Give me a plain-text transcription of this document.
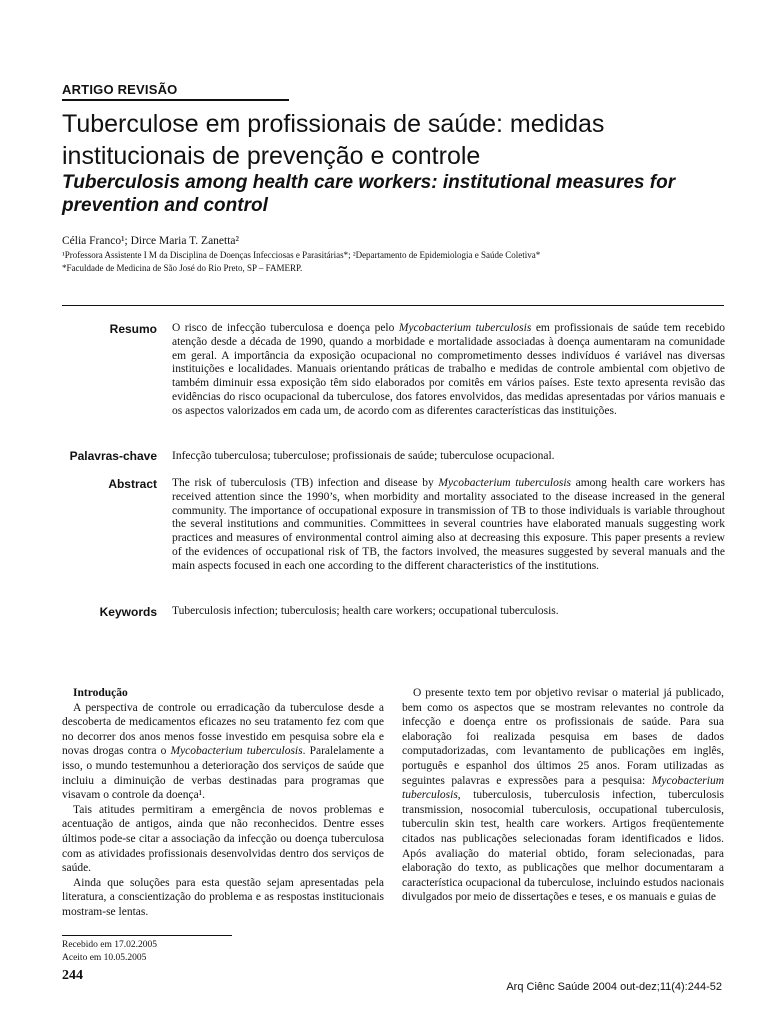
ARTIGO REVISÃO
Tuberculose em profissionais de saúde: medidas institucionais de prevenção e controle
Tuberculosis among health care workers: institutional measures for prevention and control
Célia Franco¹; Dirce Maria T. Zanetta²
¹Professora Assistente I M da Disciplina de Doenças Infecciosas e Parasitárias*; ²Departamento de Epidemiologia e Saúde Coletiva*
*Faculdade de Medicina de São José do Rio Preto, SP – FAMERP.
Resumo O risco de infecção tuberculosa e doença pelo Mycobacterium tuberculosis em profissionais de saúde tem recebido atenção desde a década de 1990, quando a morbidade e mortalidade associadas à doença aumentaram na comunidade em geral. A importância da exposição ocupacional no comprometimento desses indivíduos é variável nas diversas instituições e localidades. Manuais orientando práticas de trabalho e medidas de controle ambiental com objetivo de também diminuir essa exposição têm sido elaborados por comitês em vários países. Este texto apresenta revisão das evidências do risco ocupacional da tuberculose, dos fatores envolvidos, das medidas apresentadas por vários manuais e os aspectos valorizados em cada um, de acordo com as diferentes características das instituições.
Palavras-chave Infecção tuberculosa; tuberculose; profissionais de saúde; tuberculose ocupacional.
Abstract The risk of tuberculosis (TB) infection and disease by Mycobacterium tuberculosis among health care workers has received attention since the 1990’s, when morbidity and mortality associated to the disease increased in the general community. The importance of occupational exposure in transmission of TB to those individuals is variable throughout the several institutions and communities. Committees in several countries have elaborated manuals suggesting work practices and measures of environmental control aiming also at decreasing this exposure. This paper presents a review of the evidences of occupational risk of TB, the factors involved, the measures suggested by several manuals and the main aspects focused in each one according to the different characteristics of the institutions.
Keywords Tuberculosis infection; tuberculosis; health care workers; occupational tuberculosis.

Introdução

A perspectiva de controle ou erradicação da tuberculose desde a descoberta de medicamentos eficazes no seu tratamento fez com que no decorrer dos anos menos fosse investido em pesquisa sobre ela e novas drogas contra o Mycobacterium tuberculosis. Paralelamente a isso, o mundo testemunhou a deterioração dos serviços de saúde que incluiu a diminuição de verbas destinadas para programas que visavam o controle da doença¹.

Tais atitudes permitiram a emergência de novos problemas e acentuação de antigos, ainda que não reconhecidos. Dentre esses últimos pode-se citar a associação da infecção ou doença tuberculosa com as atividades profissionais desenvolvidas dentro dos serviços de saúde.

Ainda que soluções para esta questão sejam apresentadas pela literatura, a conscientização do problema e as respostas institucionais mostram-se lentas.

O presente texto tem por objetivo revisar o material já publicado, bem como os aspectos que se mostram relevantes no controle da infecção e doença entre os profissionais de saúde. Para sua elaboração foi realizada pesquisa em bases de dados computadorizadas, com levantamento de publicações em inglês, português e espanhol dos últimos 25 anos. Foram utilizadas as seguintes palavras e expressões para a pesquisa: Mycobacterium tuberculosis, tuberculosis, tuberculosis infection, tuberculosis transmission, nosocomial tuberculosis, occupational tuberculosis, tuberculin skin test, health care workers. Artigos freqüentemente citados nas publicações selecionadas foram identificados e lidos. Após avaliação do material obtido, foram selecionadas, para elaboração do texto, as publicações que melhor documentaram a característica ocupacional da tuberculose, incluindo estudos nacionais divulgados por meio de dissertações e teses, e os manuais e guias de

Recebido em 17.02.2005
Aceito em 10.05.2005
244
Arq Ciênc Saúde 2004 out-dez;11(4):244-52
